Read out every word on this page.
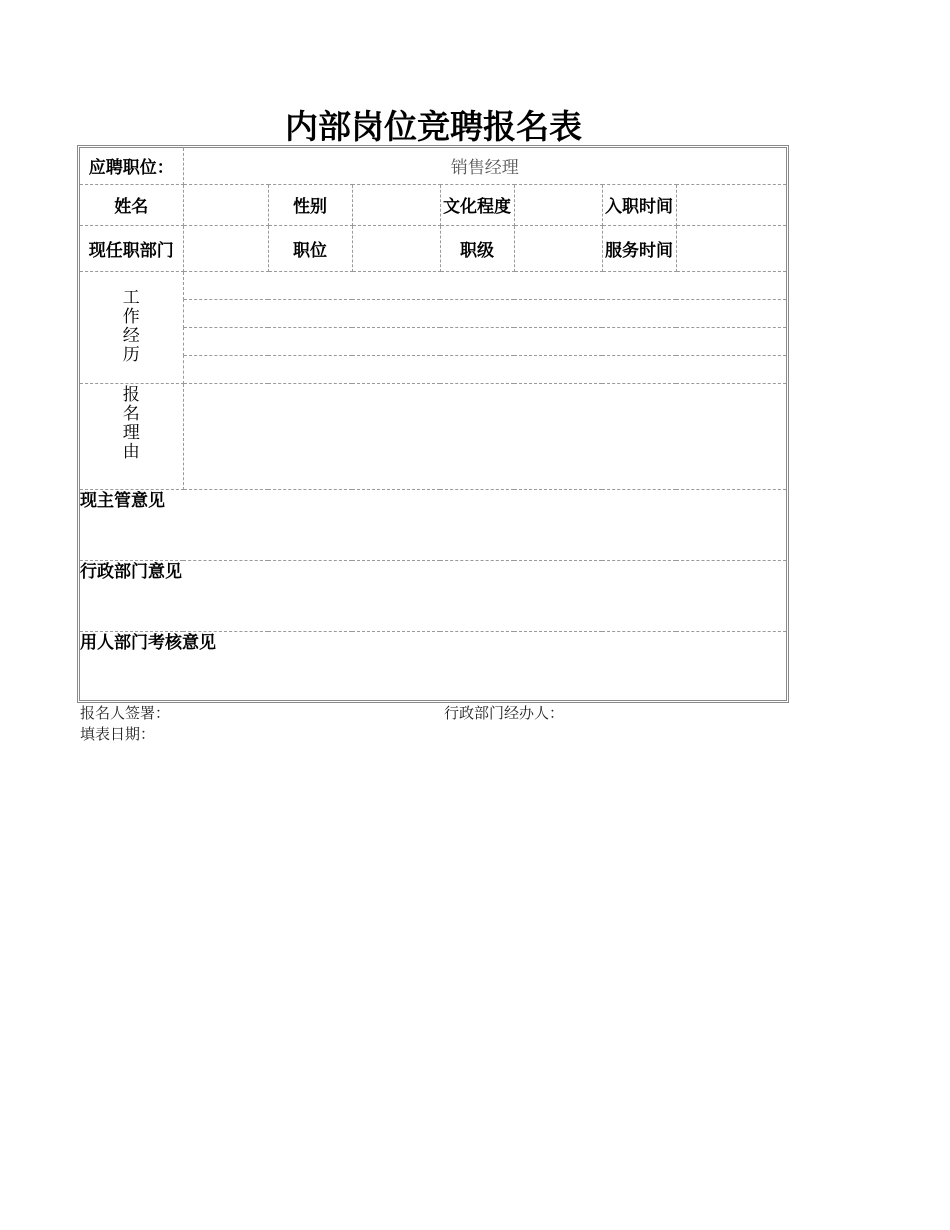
内部岗位竞聘报名表
应聘职位：	销售经理						
姓名		性别		文化程度		入职时间	
现任职部门		职位		职级		服务时间	
工作经历							

报名理由							

现主管意见							

行政部门意见							

用人部门考核意见							
报名人签署：	行政部门经办人：
填表日期：
